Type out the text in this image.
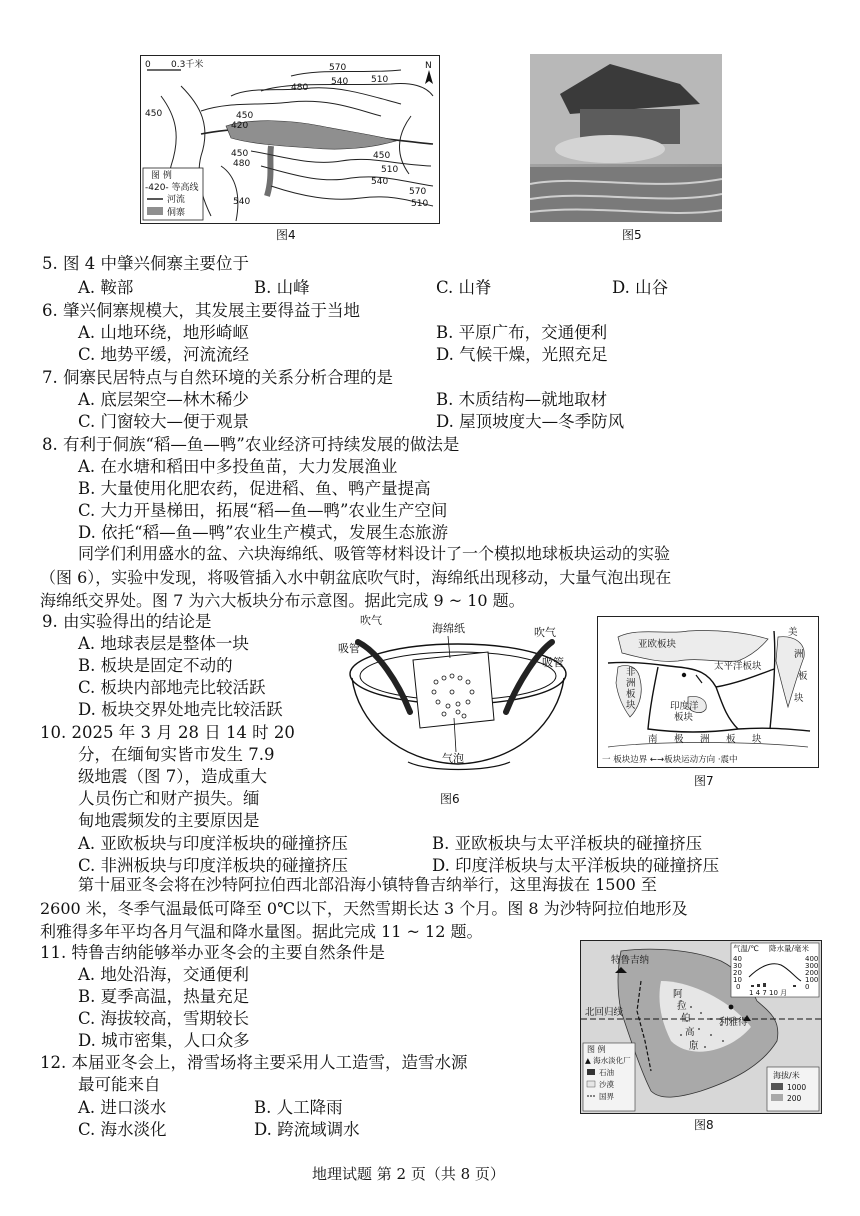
0 0.3千米	N
570
540	510
480
450
420
450
480
450
510
540
540	510
570
450
图 例
-420- 等高线
河流
侗寨
图4	图5
5. 图 4 中肇兴侗寨主要位于
A. 鞍部	B. 山峰	C. 山脊	D. 山谷
6. 肇兴侗寨规模大，其发展主要得益于当地
A. 山地环绕，地形崎岖	B. 平原广布，交通便利
C. 地势平缓，河流流经	D. 气候干燥，光照充足
7. 侗寨民居特点与自然环境的关系分析合理的是
A. 底层架空—林木稀少	B. 木质结构—就地取材
C. 门窗较大—便于观景	D. 屋顶坡度大—冬季防风
8. 有利于侗族“稻—鱼—鸭”农业经济可持续发展的做法是
A. 在水塘和稻田中多投鱼苗，大力发展渔业
B. 大量使用化肥农药，促进稻、鱼、鸭产量提高
C. 大力开垦梯田，拓展“稻—鱼—鸭”农业生产空间
D. 依托“稻—鱼—鸭”农业生产模式，发展生态旅游
同学们利用盛水的盆、六块海绵纸、吸管等材料设计了一个模拟地球板块运动的实验
（图 6），实验中发现，将吸管插入水中朝盆底吹气时，海绵纸出现移动，大量气泡出现在
海绵纸交界处。图 7 为六大板块分布示意图。据此完成 9 ~ 10 题。
9. 由实验得出的结论是
A. 地球表层是整体一块
B. 板块是固定不动的
C. 板块内部地壳比较活跃
D. 板块交界处地壳比较活跃
10. 2025 年 3 月 28 日 14 时 20
分，在缅甸实皆市发生 7.9
级地震（图 7），造成重大
人员伤亡和财产损失。缅
甸地震频发的主要原因是
A. 亚欧板块与印度洋板块的碰撞挤压	B. 亚欧板块与太平洋板块的碰撞挤压
C. 非洲板块与印度洋板块的碰撞挤压	D. 印度洋板块与太平洋板块的碰撞挤压
吹气
吹气
吸管
吸管
海绵纸
气泡
图6
亚欧板块
非
洲
板
块	印度洋
板块
太平洋板块
美
洲
板
块
南 极 洲 板 块
一 板块边界 ←→板块运动方向 ·震中
图7
第十届亚冬会将在沙特阿拉伯西北部沿海小镇特鲁吉纳举行，这里海拔在 1500 至
2600 米，冬季气温最低可降至 0℃以下，天然雪期长达 3 个月。图 8 为沙特阿拉伯地形及
利雅得多年平均各月气温和降水量图。据此完成 11 ~ 12 题。
11. 特鲁吉纳能够举办亚冬会的主要自然条件是
A. 地处沿海，交通便利
B. 夏季高温，热量充足
C. 海拔较高，雪期较长
D. 城市密集，人口众多
12. 本届亚冬会上，滑雪场将主要采用人工造雪，造雪水源
最可能来自
A. 进口淡水	B. 人工降雨
C. 海水淡化	D. 跨流域调水
特鲁吉纳
北回归线
利雅得
阿
拉
伯
高
原
气温/℃ 降水量/毫米
40
30
20
10
0
400
300
200
100
0
1 4 7 10 月
图 例
▲ 海水淡化厂
石油
沙漠
国界
海拔/米
1000
200
图8
地理试题 第 2 页（共 8 页）
